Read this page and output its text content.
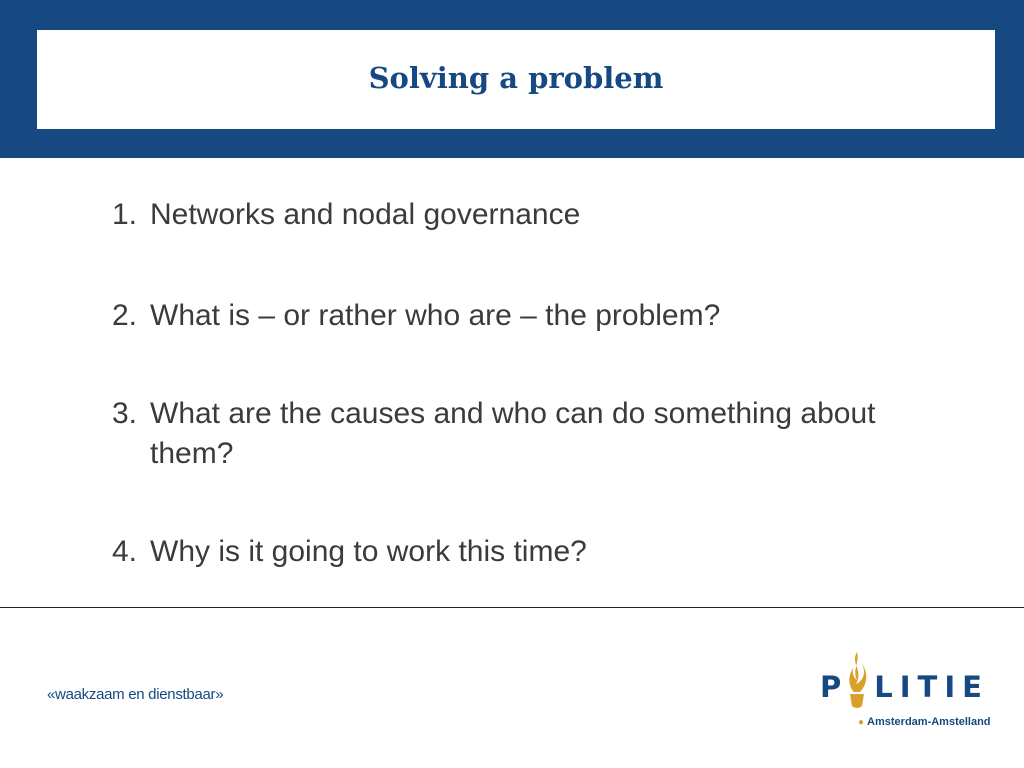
Solving a problem
1. Networks and nodal governance
2. What is – or rather who are – the problem?
3. What are the causes and who can do something about them?
4. Why is it going to work this time?
«waakzaam en dienstbaar»	P LITIE
● Amsterdam-Amstelland
